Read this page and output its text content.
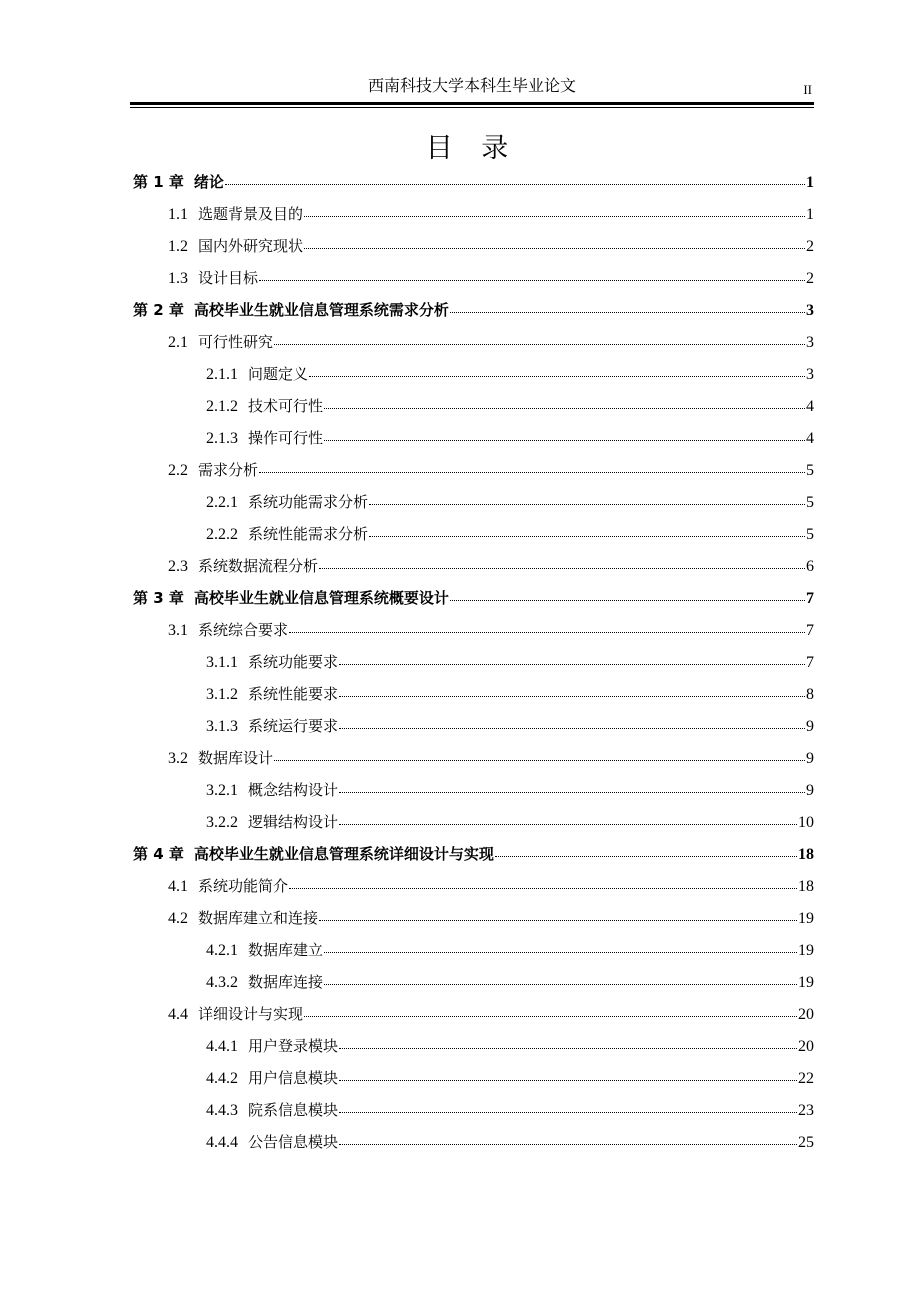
西南科技大学本科生毕业论文	II
目 录
第 1 章 绪论	1
1.1 选题背景及目的	1
1.2 国内外研究现状	2
1.3 设计目标	2
第 2 章 高校毕业生就业信息管理系统需求分析	3
2.1 可行性研究	3
2.1.1 问题定义	3
2.1.2 技术可行性	4
2.1.3 操作可行性	4
2.2 需求分析	5
2.2.1 系统功能需求分析	5
2.2.2 系统性能需求分析	5
2.3 系统数据流程分析	6
第 3 章 高校毕业生就业信息管理系统概要设计	7
3.1 系统综合要求	7
3.1.1 系统功能要求	7
3.1.2 系统性能要求	8
3.1.3 系统运行要求	9
3.2 数据库设计	9
3.2.1 概念结构设计	9
3.2.2 逻辑结构设计	10
第 4 章 高校毕业生就业信息管理系统详细设计与实现	18
4.1 系统功能简介	18
4.2 数据库建立和连接	19
4.2.1 数据库建立	19
4.3.2 数据库连接	19
4.4 详细设计与实现	20
4.4.1 用户登录模块	20
4.4.2 用户信息模块	22
4.4.3 院系信息模块	23
4.4.4 公告信息模块	25
